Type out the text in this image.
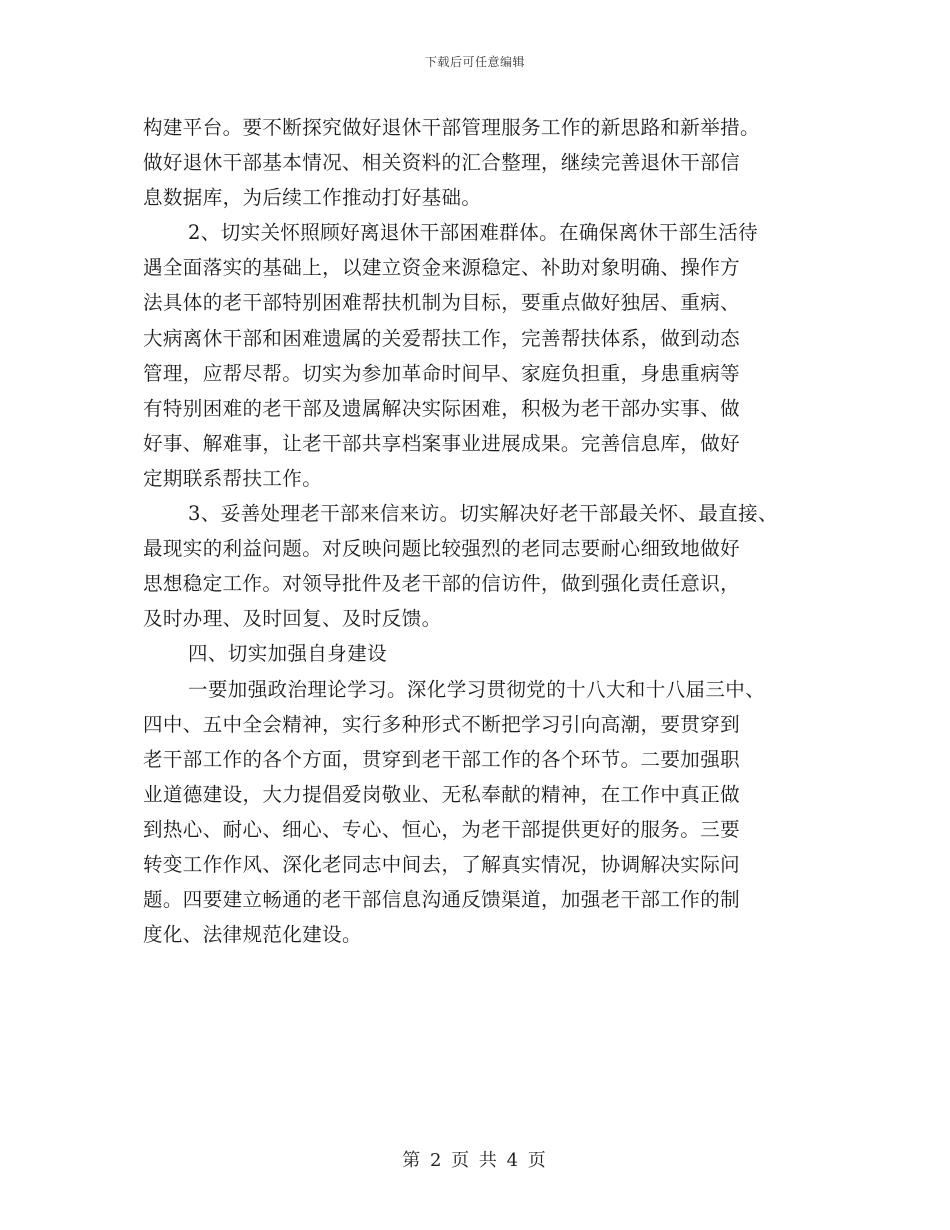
下载后可任意编辑
构建平台。要不断探究做好退休干部管理服务工作的新思路和新举措。
做好退休干部基本情况、相关资料的汇合整理，继续完善退休干部信
息数据库，为后续工作推动打好基础。
2、切实关怀照顾好离退休干部困难群体。在确保离休干部生活待
遇全面落实的基础上，以建立资金来源稳定、补助对象明确、操作方
法具体的老干部特别困难帮扶机制为目标，要重点做好独居、重病、
大病离休干部和困难遗属的关爱帮扶工作，完善帮扶体系，做到动态
管理，应帮尽帮。切实为参加革命时间早、家庭负担重，身患重病等
有特别困难的老干部及遗属解决实际困难，积极为老干部办实事、做
好事、解难事，让老干部共享档案事业进展成果。完善信息库，做好
定期联系帮扶工作。
3、妥善处理老干部来信来访。切实解决好老干部最关怀、最直接、
最现实的利益问题。对反映问题比较强烈的老同志要耐心细致地做好
思想稳定工作。对领导批件及老干部的信访件，做到强化责任意识，
及时办理、及时回复、及时反馈。
四、切实加强自身建设
一要加强政治理论学习。深化学习贯彻党的十八大和十八届三中、
四中、五中全会精神，实行多种形式不断把学习引向高潮，要贯穿到
老干部工作的各个方面，贯穿到老干部工作的各个环节。二要加强职
业道德建设，大力提倡爱岗敬业、无私奉献的精神，在工作中真正做
到热心、耐心、细心、专心、恒心，为老干部提供更好的服务。三要
转变工作作风、深化老同志中间去，了解真实情况，协调解决实际问
题。四要建立畅通的老干部信息沟通反馈渠道，加强老干部工作的制
度化、法律规范化建设。
第 2 页 共 4 页
